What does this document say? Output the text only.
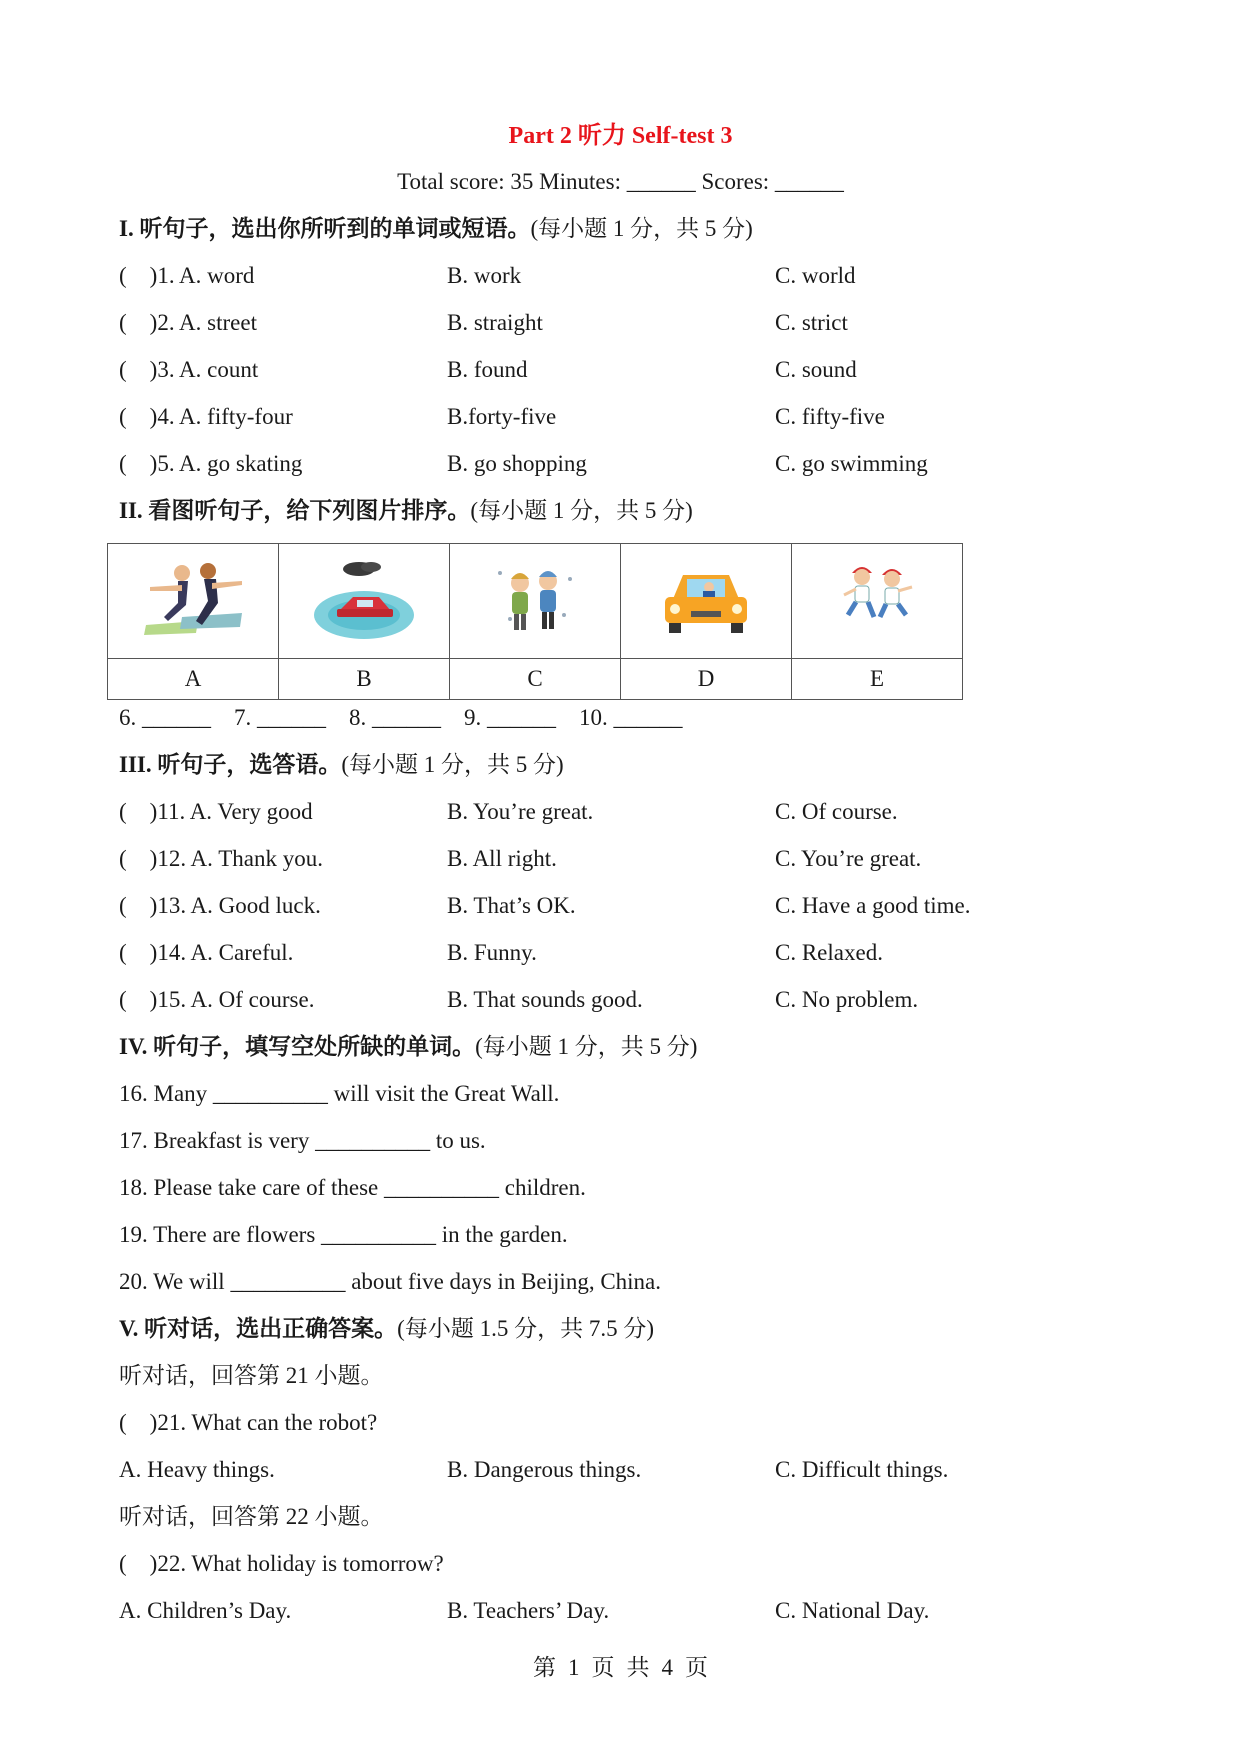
Part 2 听力 Self-test 3
Total score: 35 Minutes: ______ Scores: ______
I. 听句子，选出你所听到的单词或短语。(每小题 1 分，共 5 分)
(    )1. A. word	B. work	C. world
(    )2. A. street	B. straight	C. strict
(    )3. A. count	B. found	C. sound
(    )4. A. fifty-four	B.forty-five	C. fifty-five
(    )5. A. go skating	B. go shopping	C. go swimming
II. 看图听句子，给下列图片排序。(每小题 1 分，共 5 分)

A	B	C	D	E
6. ______    7. ______    8. ______    9. ______    10. ______
III. 听句子，选答语。(每小题 1 分，共 5 分)
(    )11. A. Very good	B. You’re great.	C. Of course.
(    )12. A. Thank you.	B. All right.	C. You’re great.
(    )13. A. Good luck.	B. That’s OK.	C. Have a good time.
(    )14. A. Careful.	B. Funny.	C. Relaxed.
(    )15. A. Of course.	B. That sounds good.	C. No problem.
IV. 听句子，填写空处所缺的单词。(每小题 1 分，共 5 分)
16. Many __________ will visit the Great Wall.
17. Breakfast is very __________ to us.
18. Please take care of these __________ children.
19. There are flowers __________ in the garden.
20. We will __________ about five days in Beijing, China.
V. 听对话，选出正确答案。(每小题 1.5 分，共 7.5 分)
听对话，回答第 21 小题。
(    )21. What can the robot?
A. Heavy things.	B. Dangerous things.	C. Difficult things.
听对话，回答第 22 小题。
(    )22. What holiday is tomorrow?
A. Children’s Day.	B. Teachers’ Day.	C. National Day.
第 1 页 共 4 页
